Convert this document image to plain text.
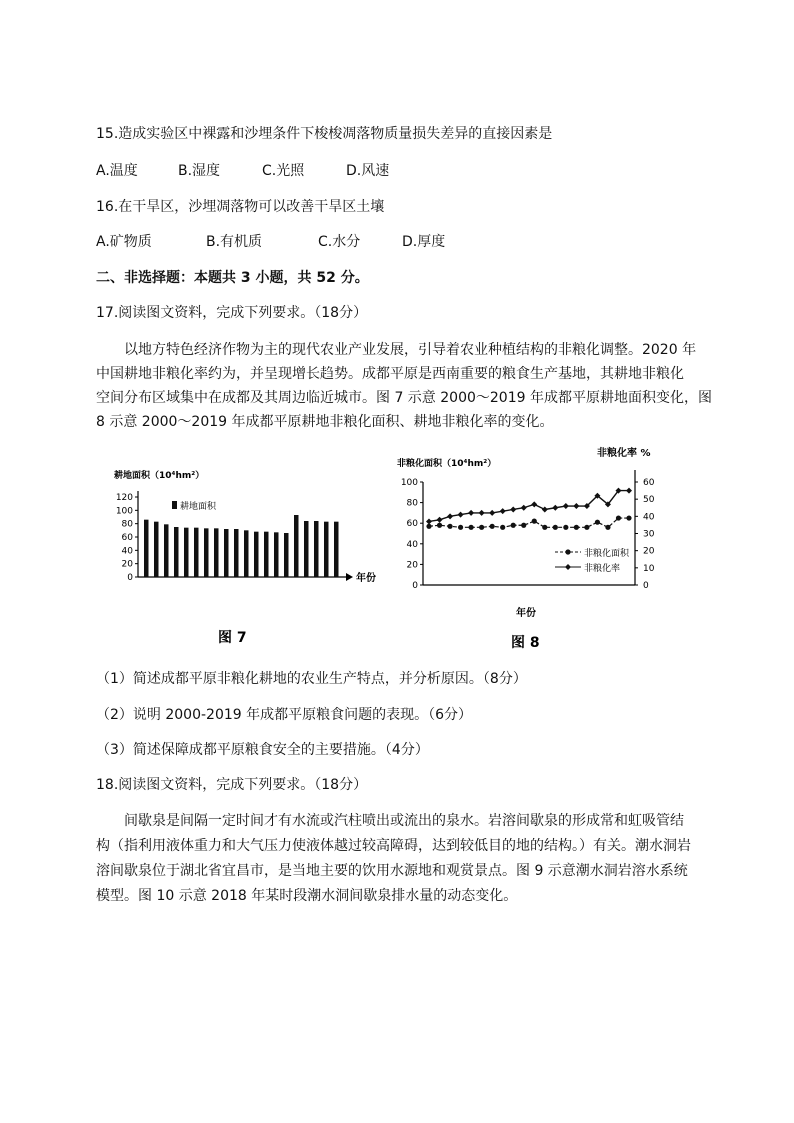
15.造成实验区中裸露和沙埋条件下梭梭凋落物质量损失差异的直接因素是
A.温度	B.湿度	C.光照	D.风速
16.在干旱区，沙埋凋落物可以改善干旱区土壤
A.矿物质	B.有机质	C.水分	D.厚度
二、非选择题：本题共 3 小题，共 52 分。
17.阅读图文资料，完成下列要求。（18分）
以地方特色经济作物为主的现代农业产业发展，引导着农业种植结构的非粮化调整。2020 年
中国耕地非粮化率约为，并呈现增长趋势。成都平原是西南重要的粮食生产基地，其耕地非粮化
空间分布区域集中在成都及其周边临近城市。图 7 示意 2000～2019 年成都平原耕地面积变化，图
8 示意 2000～2019 年成都平原耕地非粮化面积、耕地非粮化率的变化。
耕地面积（10⁴hm²）
年份
0
20
40
60
80
100
120
耕地面积
图 7
非粮化面积（10⁴hm²）
非粮化率 %
0
20
40
60
80
100
0
10
20
30
40
50
60
非粮化面积
非粮化率
年份
图 8
（1）简述成都平原非粮化耕地的农业生产特点，并分析原因。（8分）
（2）说明 2000-2019 年成都平原粮食问题的表现。（6分）
（3）简述保障成都平原粮食安全的主要措施。（4分）
18.阅读图文资料，完成下列要求。（18分）
间歇泉是间隔一定时间才有水流或汽柱喷出或流出的泉水。岩溶间歇泉的形成常和虹吸管结
构（指利用液体重力和大气压力使液体越过较高障碍，达到较低目的地的结构。）有关。潮水洞岩
溶间歇泉位于湖北省宜昌市，是当地主要的饮用水源地和观赏景点。图 9 示意潮水洞岩溶水系统
模型。图 10 示意 2018 年某时段潮水洞间歇泉排水量的动态变化。
